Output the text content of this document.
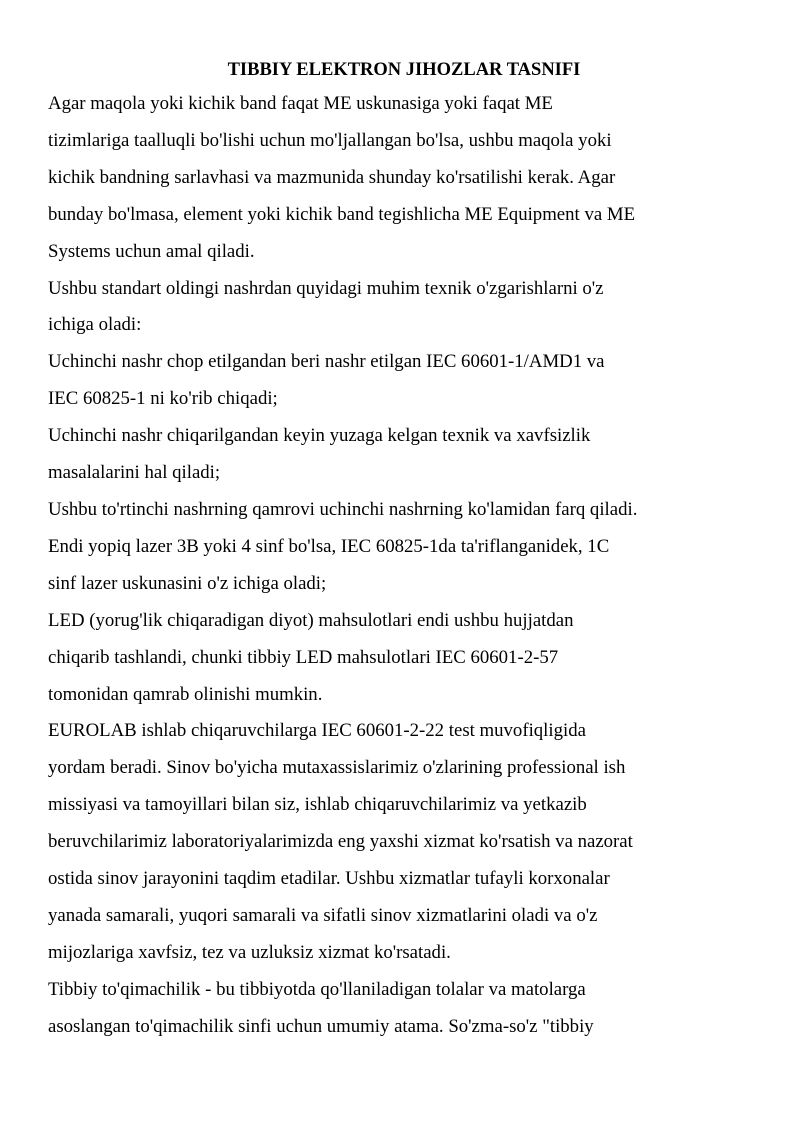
TIBBIY ELEKTRON JIHOZLAR TASNIFI

Agar maqola yoki kichik band faqat ME uskunasiga yoki faqat ME
tizimlariga taalluqli bo'lishi uchun mo'ljallangan bo'lsa, ushbu maqola yoki
kichik bandning sarlavhasi va mazmunida shunday ko'rsatilishi kerak. Agar
bunday bo'lmasa, element yoki kichik band tegishlicha ME Equipment va ME
Systems uchun amal qiladi.

Ushbu standart oldingi nashrdan quyidagi muhim texnik o'zgarishlarni o'z
ichiga oladi:

Uchinchi nashr chop etilgandan beri nashr etilgan IEC 60601-1/AMD1 va
IEC 60825-1 ni ko'rib chiqadi;

Uchinchi nashr chiqarilgandan keyin yuzaga kelgan texnik va xavfsizlik
masalalarini hal qiladi;

Ushbu to'rtinchi nashrning qamrovi uchinchi nashrning ko'lamidan farq qiladi.
Endi yopiq lazer 3B yoki 4 sinf bo'lsa, IEC 60825-1da ta'riflanganidek, 1C
sinf lazer uskunasini o'z ichiga oladi;

LED (yorug'lik chiqaradigan diyot) mahsulotlari endi ushbu hujjatdan
chiqarib tashlandi, chunki tibbiy LED mahsulotlari IEC 60601-2-57
tomonidan qamrab olinishi mumkin.

EUROLAB ishlab chiqaruvchilarga IEC 60601-2-22 test muvofiqligida
yordam beradi. Sinov bo'yicha mutaxassislarimiz o'zlarining professional ish
missiyasi va tamoyillari bilan siz, ishlab chiqaruvchilarimiz va yetkazib
beruvchilarimiz laboratoriyalarimizda eng yaxshi xizmat ko'rsatish va nazorat
ostida sinov jarayonini taqdim etadilar. Ushbu xizmatlar tufayli korxonalar
yanada samarali, yuqori samarali va sifatli sinov xizmatlarini oladi va o'z
mijozlariga xavfsiz, tez va uzluksiz xizmat ko'rsatadi.

Tibbiy to'qimachilik - bu tibbiyotda qo'llaniladigan tolalar va matolarga
asoslangan to'qimachilik sinfi uchun umumiy atama. So'zma-so'z "tibbiy
